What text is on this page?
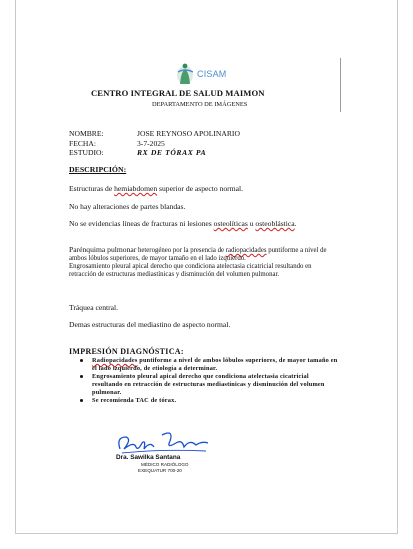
CISAM
CENTRO INTEGRAL DE SALUD MAIMON
DEPARTAMENTO DE IMÁGENES
NOMBRE:	JOSE REYNOSO APOLINARIO
FECHA:	3-7-2025
ESTUDIO:	RX DE TÓRAX PA
DESCRIPCIÓN:
Estructuras de hemiabdomen superior de aspecto normal.
No hay alteraciones de partes blandas.
No se evidencias líneas de fracturas ni lesiones osteolíticas u osteoblástica.
Parénquima pulmonar heterogéneo por la presencia de radiopacidades puntiforme a nivel de ambos lóbulos superiores, de mayor tamaño en el lado izquierdo.
Engrosamiento pleural apical derecho que condiciona atelectasia cicatricial resultando en retracción de estructuras mediastínicas y disminución del volumen pulmonar.
Tráquea central.
Demas estructuras del mediastino de aspecto normal.
IMPRESIÓN DIAGNÓSTICA:
Radiopacidades puntiforme a nivel de ambos lóbulos superiores, de mayor tamaño en el lado izquierdo, de etiología a determinar.
Engrosamiento pleural apical derecho que condiciona atelectasia cicatricial resultando en retracción de estructuras mediastínicas y disminución del volumen pulmonar.
Se recomienda TAC de tórax.
Dra. Sawilka Santana
MÉDICO RADIÓLOGO
EXEQUATUR 700-20
